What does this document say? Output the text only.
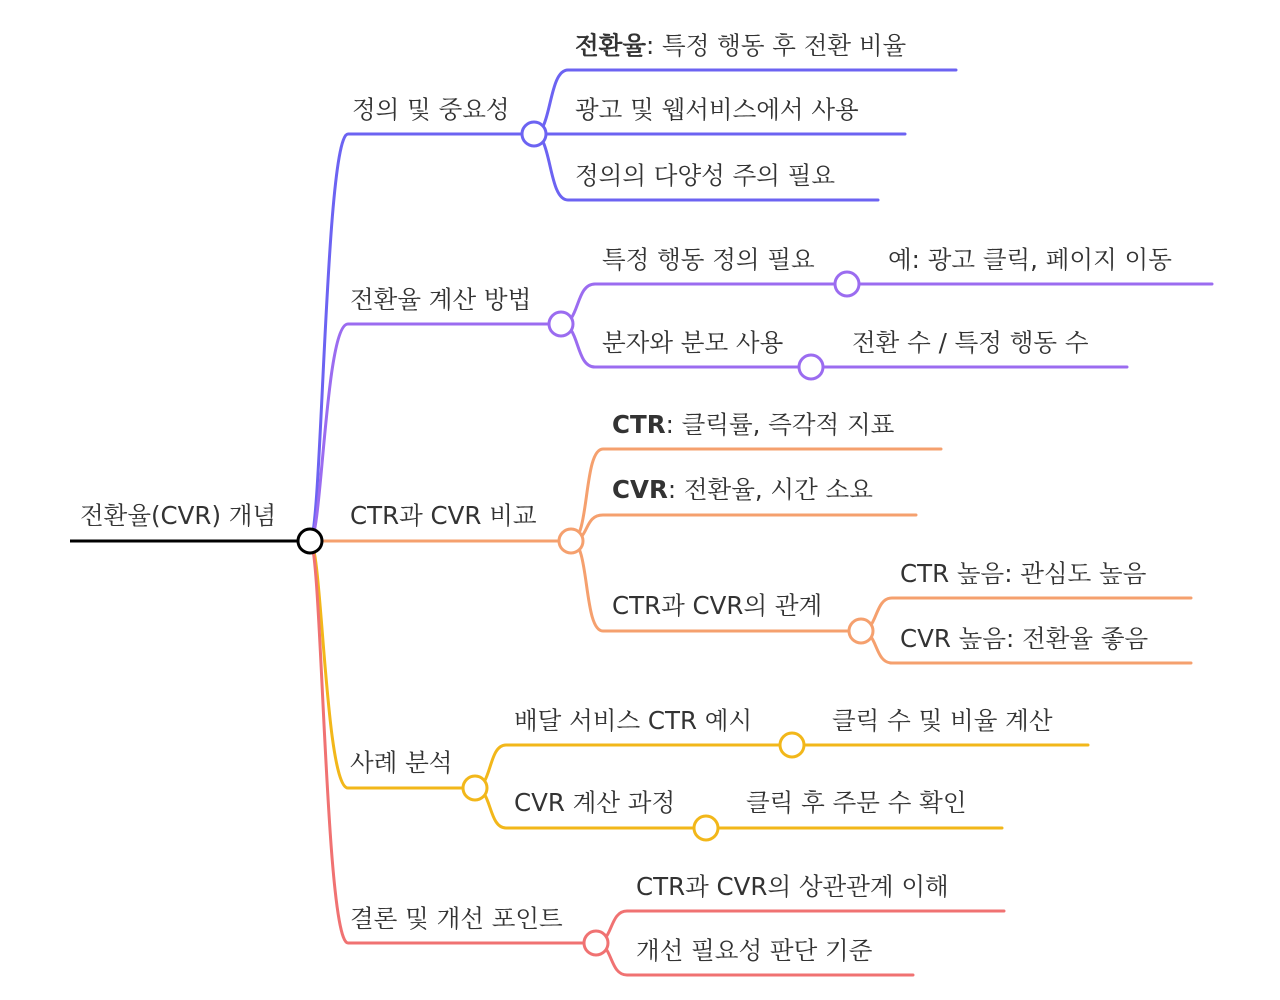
전환율(CVR) 개념
정의 및 중요성
전환율: 특정 행동 후 전환 비율
광고 및 웹서비스에서 사용
정의의 다양성 주의 필요
전환율 계산 방법
특정 행동 정의 필요	예: 광고 클릭, 페이지 이동
분자와 분모 사용	전환 수 / 특정 행동 수
CTR과 CVR 비교
CTR: 클릭률, 즉각적 지표
CVR: 전환율, 시간 소요
CTR과 CVR의 관계
CTR 높음: 관심도 높음
CVR 높음: 전환율 좋음
사례 분석
배달 서비스 CTR 예시	클릭 수 및 비율 계산
CVR 계산 과정	클릭 후 주문 수 확인
결론 및 개선 포인트
CTR과 CVR의 상관관계 이해
개선 필요성 판단 기준
